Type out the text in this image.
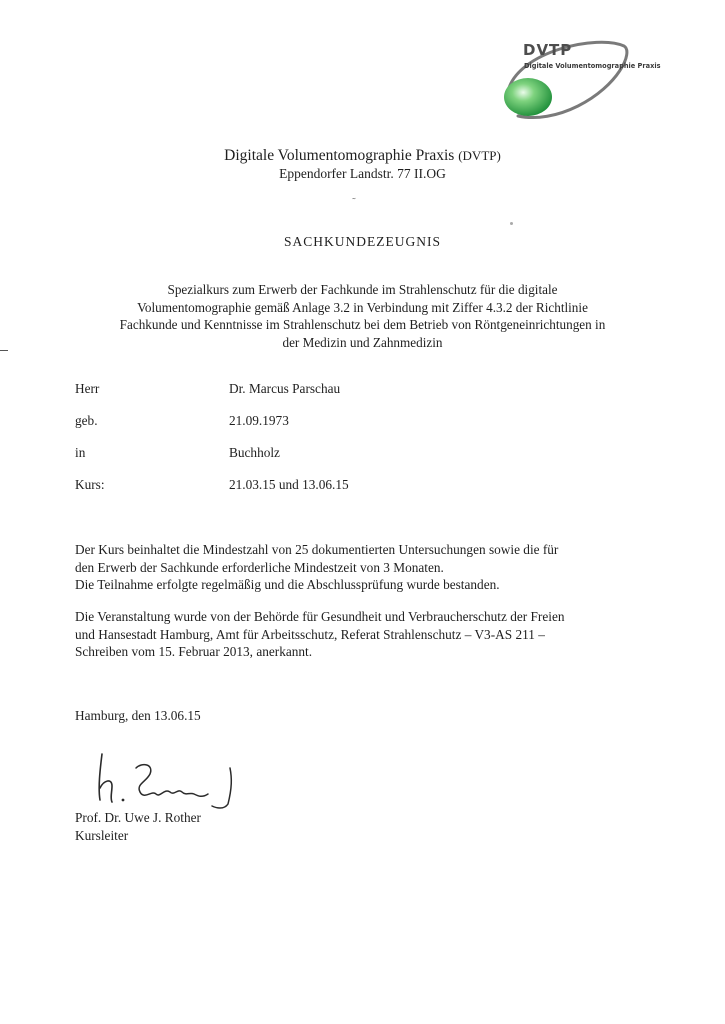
DVTP
Digitale Volumentomographie Praxis
Digitale Volumentomographie Praxis (DVTP)
Eppendorfer Landstr. 77 II.OG
˜
SACHKUNDEZEUGNIS
Spezialkurs zum Erwerb der Fachkunde im Strahlenschutz für die digitale
Volumentomographie gemäß Anlage 3.2 in Verbindung mit Ziffer 4.3.2 der Richtlinie
Fachkunde und Kenntnisse im Strahlenschutz bei dem Betrieb von Röntgeneinrichtungen in
der Medizin und Zahnmedizin
Herr	Dr. Marcus Parschau
geb.	21.09.1973
in	Buchholz
Kurs:	21.03.15 und 13.06.15
Der Kurs beinhaltet die Mindestzahl von 25 dokumentierten Untersuchungen sowie die für
den Erwerb der Sachkunde erforderliche Mindestzeit von 3 Monaten.
Die Teilnahme erfolgte regelmäßig und die Abschlussprüfung wurde bestanden.
Die Veranstaltung wurde von der Behörde für Gesundheit und Verbraucherschutz der Freien
und Hansestadt Hamburg, Amt für Arbeitsschutz, Referat Strahlenschutz – V3-AS 211 –
Schreiben vom 15. Februar 2013, anerkannt.
Hamburg, den 13.06.15
Prof. Dr. Uwe J. Rother
Kursleiter
